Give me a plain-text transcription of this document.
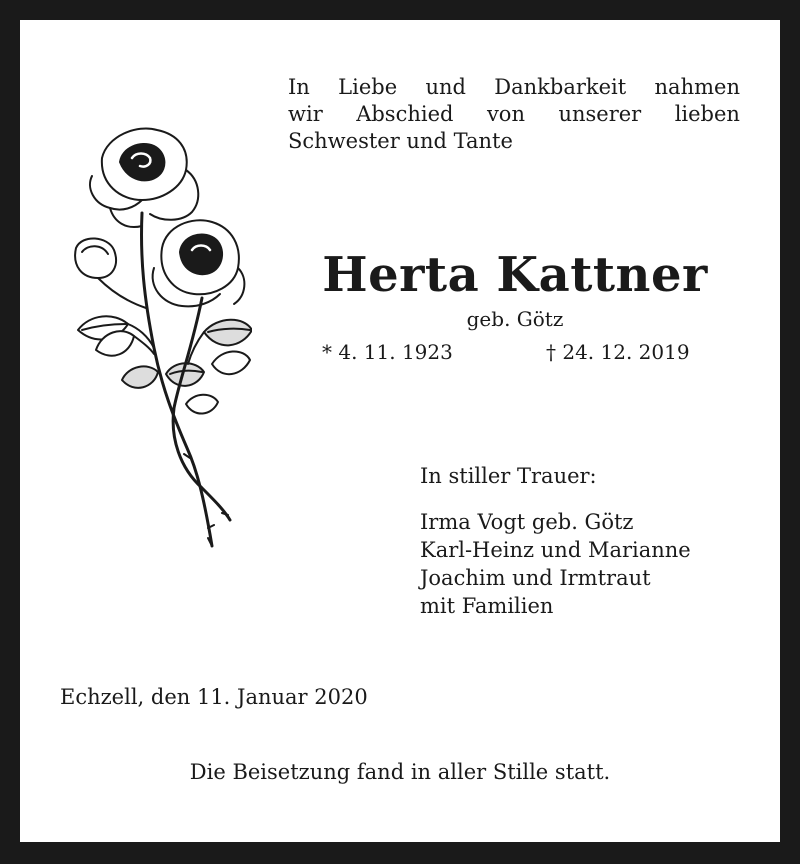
In Liebe und Dankbarkeit nahmen
wir Abschied von unserer lieben
Schwester und Tante
Herta Kattner
geb. Götz
* 4. 11. 1923	† 24. 12. 2019
In stiller Trauer:
Irma Vogt geb. Götz
Karl-Heinz und Marianne
Joachim und Irmtraut
mit Familien
Echzell, den 11. Januar 2020
Die Beisetzung fand in aller Stille statt.
